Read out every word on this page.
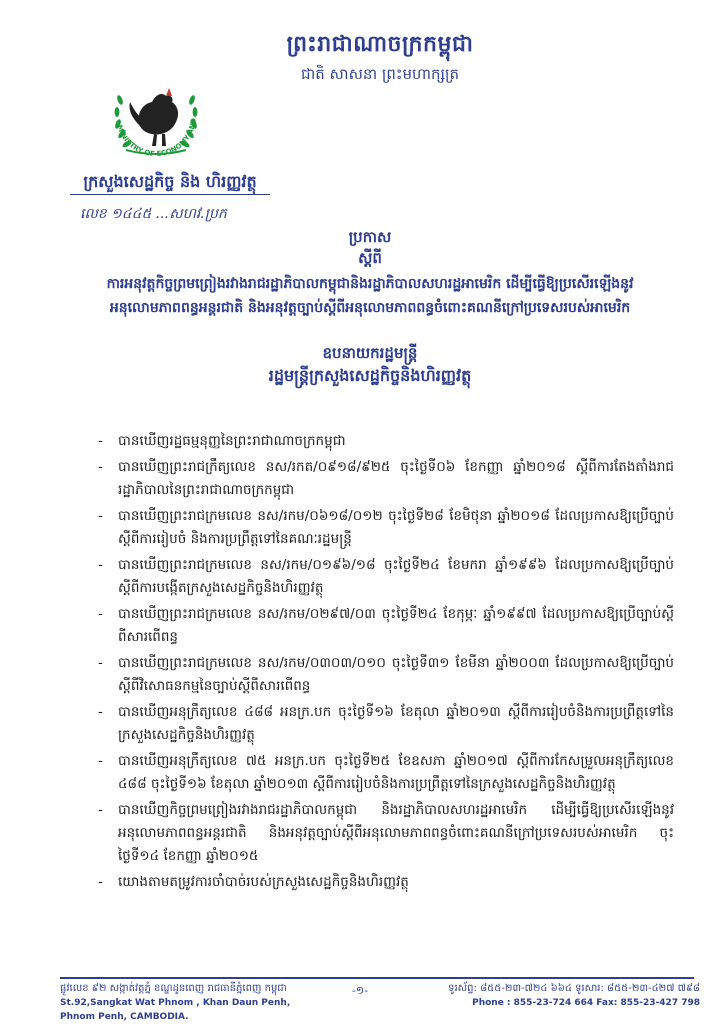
ព្រះរាជាណាចក្រកម្ពុជា
ជាតិ សាសនា ព្រះមហាក្សត្រ
MINISTRY OF ECONOMY AND
ក្រសួងសេដ្ឋកិច្ច និង ហិរញ្ញវត្ថុ
លេខ ១៤៤៥ ...សហវ.ប្រក
ប្រកាស
ស្តីពី
ការអនុវត្តកិច្ចព្រមព្រៀងរវាងរាជរដ្ឋាភិបាលកម្ពុជានិងរដ្ឋាភិបាលសហរដ្ឋអាមេរិក ដើម្បីធ្វើឱ្យប្រសើរឡើងនូវអនុលោមភាពពន្ធអន្តរជាតិ និងអនុវត្តច្បាប់ស្តីពីអនុលោមភាពពន្ធចំពោះគណនីក្រៅប្រទេសរបស់អាមេរិក
ឧបនាយករដ្ឋមន្ត្រី
រដ្ឋមន្ត្រីក្រសួងសេដ្ឋកិច្ចនិងហិរញ្ញវត្ថុ
- បានឃើញរដ្ឋធម្មនុញ្ញនៃព្រះរាជាណាចក្រកម្ពុជា
- បានឃើញព្រះរាជក្រឹត្យលេខ នស/រកត/០៩១៨/៩២៥ ចុះថ្ងៃទី០៦ ខែកញ្ញា ឆ្នាំ២០១៨ ស្តីពីការតែងតាំងរាជរដ្ឋាភិបាលនៃព្រះរាជាណាចក្រកម្ពុជា
- បានឃើញព្រះរាជក្រមលេខ នស/រកម/០៦១៨/០១២ ចុះថ្ងៃទី២៨ ខែមិថុនា ឆ្នាំ២០១៨ ដែលប្រកាសឱ្យប្រើច្បាប់ស្តីពីការរៀបចំ និងការប្រព្រឹត្តទៅនៃគណៈរដ្ឋមន្ត្រី
- បានឃើញព្រះរាជក្រមលេខ នស/រកម/០១៩៦/១៨ ចុះថ្ងៃទី២៤ ខែមករា ឆ្នាំ១៩៩៦ ដែលប្រកាសឱ្យប្រើច្បាប់ស្តីពីការបង្កើតក្រសួងសេដ្ឋកិច្ចនិងហិរញ្ញវត្ថុ
- បានឃើញព្រះរាជក្រមលេខ នស/រកម/០២៩៧/០៣ ចុះថ្ងៃទី២៤ ខែកុម្ភៈ ឆ្នាំ១៩៩៧ ដែលប្រកាសឱ្យប្រើច្បាប់ស្តីពីសារពើពន្ធ
- បានឃើញព្រះរាជក្រមលេខ នស/រកម/០៣០៣/០១០ ចុះថ្ងៃទី៣១ ខែមីនា ឆ្នាំ២០០៣ ដែលប្រកាសឱ្យប្រើច្បាប់ស្តីពីវិសោធនកម្មនៃច្បាប់ស្តីពីសារពើពន្ធ
- បានឃើញអនុក្រឹត្យលេខ ៤៨៨ អនក្រ.បក ចុះថ្ងៃទី១៦ ខែតុលា ឆ្នាំ២០១៣ ស្តីពីការរៀបចំនិងការប្រព្រឹត្តទៅនៃក្រសួងសេដ្ឋកិច្ចនិងហិរញ្ញវត្ថុ
- បានឃើញអនុក្រឹត្យលេខ ៧៥ អនក្រ.បក ចុះថ្ងៃទី២៥ ខែឧសភា ឆ្នាំ២០១៧ ស្តីពីការកែសម្រួលអនុក្រឹត្យលេខ ៤៨៨ ចុះថ្ងៃទី១៦ ខែតុលា ឆ្នាំ២០១៣ ស្តីពីការរៀបចំនិងការប្រព្រឹត្តទៅនៃក្រសួងសេដ្ឋកិច្ចនិងហិរញ្ញវត្ថុ
- បានឃើញកិច្ចព្រមព្រៀងរវាងរាជរដ្ឋាភិបាលកម្ពុជា និងរដ្ឋាភិបាលសហរដ្ឋអាមេរិក ដើម្បីធ្វើឱ្យប្រសើរឡើងនូវអនុលោមភាពពន្ធអន្តរជាតិ និងអនុវត្តច្បាប់ស្តីពីអនុលោមភាពពន្ធចំពោះគណនីក្រៅប្រទេសរបស់អាមេរិក ចុះថ្ងៃទី១៤ ខែកញ្ញា ឆ្នាំ២០១៥
- យោងតាមតម្រូវការចាំបាច់របស់ក្រសួងសេដ្ឋកិច្ចនិងហិរញ្ញវត្ថុ
ផ្លូវលេខ ៩២ សង្កាត់វត្តភ្នំ ខណ្ឌដូនពេញ រាជធានីភ្នំពេញ កម្ពុជា
St.92,Sangkat Wat Phnom , Khan Daun Penh, Phnom Penh, CAMBODIA.
-១-	ទូរស័ព្ទ: ៨៥៥-២៣-៧២៤ ៦៦៤ ទូរសារ: ៨៥៥-២៣-៤២៧ ៧៩៨
Phone : 855-23-724 664 Fax: 855-23-427 798
